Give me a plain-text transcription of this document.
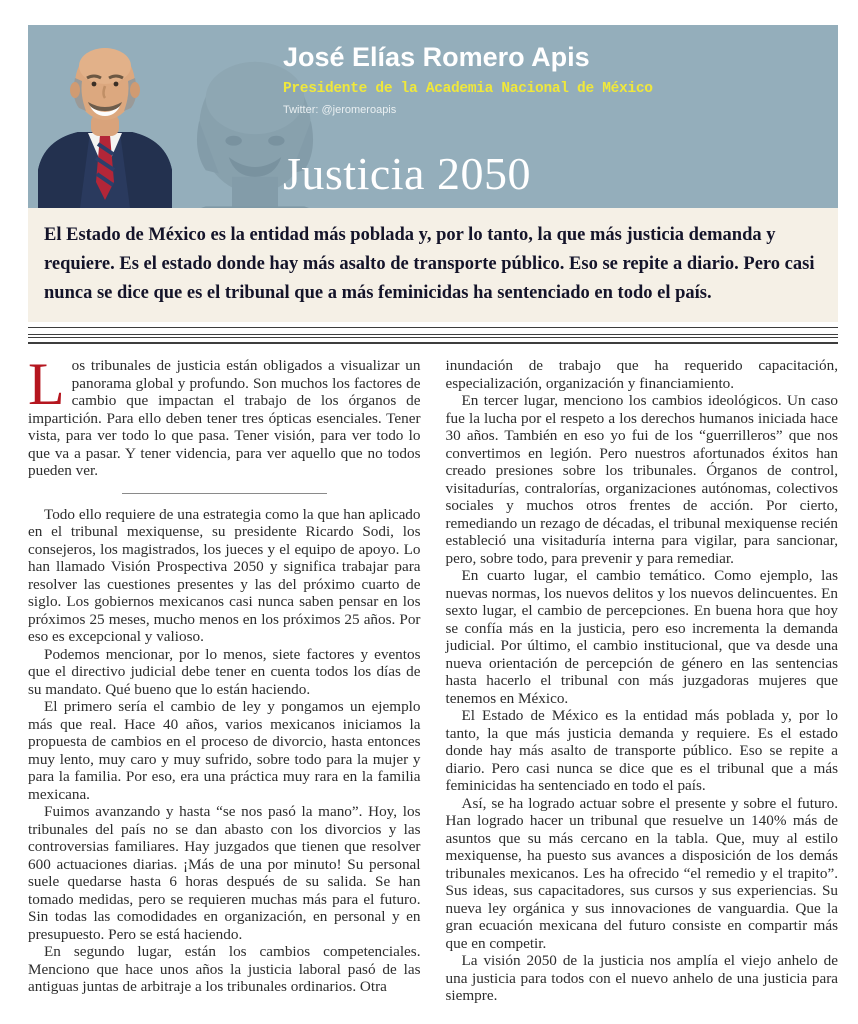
José Elías Romero Apis

Presidente de la Academia Nacional de México

Twitter: @jeromeroapis

Justicia 2050

El Estado de México es la entidad más poblada y, por lo tanto, la que más justicia demanda y requiere. Es el estado donde hay más asalto de transporte público. Eso se repite a diario. Pero casi nunca se dice que es el tribunal que a más feminicidas ha sentenciado en todo el país.

Los tribunales de justicia están obligados a visualizar un panorama global y profundo. Son muchos los factores de cambio que impactan el trabajo de los órganos de impartición. Para ello deben tener tres ópticas esenciales. Tener vista, para ver todo lo que pasa. Tener visión, para ver todo lo que va a pasar. Y tener videncia, para ver aquello que no todos pueden ver.

Todo ello requiere de una estrategia como la que han aplicado en el tribunal mexiquense, su presidente Ricardo Sodi, los consejeros, los magistrados, los jueces y el equipo de apoyo. Lo han llamado Visión Prospectiva 2050 y significa trabajar para resolver las cuestiones presentes y las del próximo cuarto de siglo. Los gobiernos mexicanos casi nunca saben pensar en los próximos 25 meses, mucho menos en los próximos 25 años. Por eso es excepcional y valioso.

Podemos mencionar, por lo menos, siete factores y eventos que el directivo judicial debe tener en cuenta todos los días de su mandato. Qué bueno que lo están haciendo.

El primero sería el cambio de ley y pongamos un ejemplo más que real. Hace 40 años, varios mexicanos iniciamos la propuesta de cambios en el proceso de divorcio, hasta entonces muy lento, muy caro y muy sufrido, sobre todo para la mujer y para la familia. Por eso, era una práctica muy rara en la familia mexicana.

Fuimos avanzando y hasta “se nos pasó la mano”. Hoy, los tribunales del país no se dan abasto con los divorcios y las controversias familiares. Hay juzgados que tienen que resolver 600 actuaciones diarias. ¡Más de una por minuto! Su personal suele quedarse hasta 6 horas después de su salida. Se han tomado medidas, pero se requieren muchas más para el futuro. Sin todas las comodidades en organización, en personal y en presupuesto. Pero se está haciendo.

En segundo lugar, están los cambios competenciales. Menciono que hace unos años la justicia laboral pasó de las antiguas juntas de arbitraje a los tribunales ordinarios. Otra

inundación de trabajo que ha requerido capacitación, especialización, organización y financiamiento.

En tercer lugar, menciono los cambios ideológicos. Un caso fue la lucha por el respeto a los derechos humanos iniciada hace 30 años. También en eso yo fui de los “guerrilleros” que nos convertimos en legión. Pero nuestros afortunados éxitos han creado presiones sobre los tribunales. Órganos de control, visitadurías, contralorías, organizaciones autónomas, colectivos sociales y muchos otros frentes de acción. Por cierto, remediando un rezago de décadas, el tribunal mexiquense recién estableció una visitaduría interna para vigilar, para sancionar, pero, sobre todo, para prevenir y para remediar.

En cuarto lugar, el cambio temático. Como ejemplo, las nuevas normas, los nuevos delitos y los nuevos delincuentes. En sexto lugar, el cambio de percepciones. En buena hora que hoy se confía más en la justicia, pero eso incrementa la demanda judicial. Por último, el cambio institucional, que va desde una nueva orientación de percepción de género en las sentencias hasta hacerlo el tribunal con más juzgadoras mujeres que tenemos en México.

El Estado de México es la entidad más poblada y, por lo tanto, la que más justicia demanda y requiere. Es el estado donde hay más asalto de transporte público. Eso se repite a diario. Pero casi nunca se dice que es el tribunal que a más feminicidas ha sentenciado en todo el país.

Así, se ha logrado actuar sobre el presente y sobre el futuro. Han logrado hacer un tribunal que resuelve un 140% más de asuntos que su más cercano en la tabla. Que, muy al estilo mexiquense, ha puesto sus avances a disposición de los demás tribunales mexicanos. Les ha ofrecido “el remedio y el trapito”. Sus ideas, sus capacitadores, sus cursos y sus experiencias. Su nueva ley orgánica y sus innovaciones de vanguardia. Que la gran ecuación mexicana del futuro consiste en compartir más que en competir.

La visión 2050 de la justicia nos amplía el viejo anhelo de una justicia para todos con el nuevo anhelo de una justicia para siempre.
